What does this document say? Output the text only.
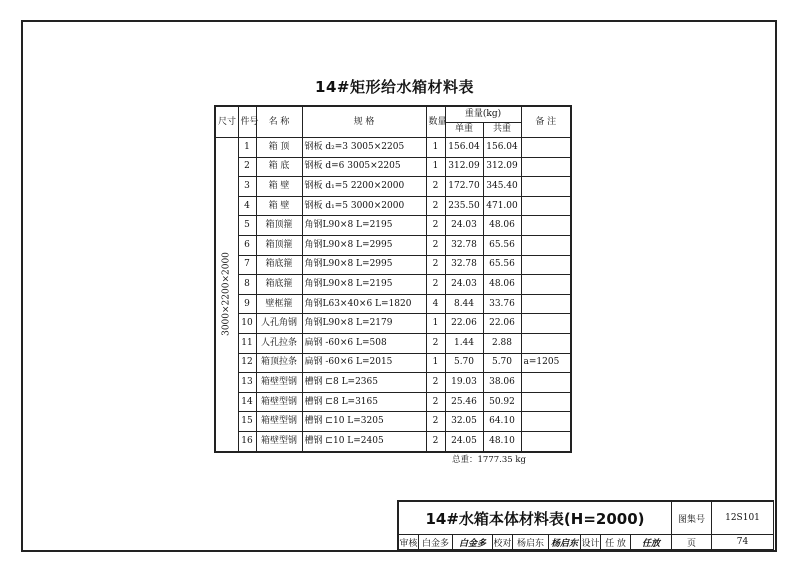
14#矩形给水箱材料表
尺寸	件号	名 称	规 格	数量	重量(kg)		备 注
					单重	共重	

3000×2200×2000	1	箱 顶	钢板 d₂=3 3005×2205	1	156.04	156.04	
	2	箱 底	钢板 d=6 3005×2205	1	312.09	312.09	
	3	箱 壁	钢板 d₁=5 2200×2000	2	172.70	345.40	
	4	箱 壁	钢板 d₁=5 3000×2000	2	235.50	471.00	
	5	箱顶箍	角钢L90×8 L=2195	2	24.03	48.06	
	6	箱顶箍	角钢L90×8 L=2995	2	32.78	65.56	
	7	箱底箍	角钢L90×8 L=2995	2	32.78	65.56	
	8	箱底箍	角钢L90×8 L=2195	2	24.03	48.06	
	9	壁框箍	角钢L63×40×6 L=1820	4	8.44	33.76	
	10	人孔角钢	角钢L90×8 L=2179	1	22.06	22.06	
	11	人孔拉条	扁钢 -60×6 L=508	2	1.44	2.88	
	12	箱顶拉条	扁钢 -60×6 L=2015	1	5.70	5.70	a=1205
	13	箱壁型钢	槽钢 ⊏8 L=2365	2	19.03	38.06	
	14	箱壁型钢	槽钢 ⊏8 L=3165	2	25.46	50.92	
	15	箱壁型钢	槽钢 ⊏10 L=3205	2	32.05	64.10	
	16	箱壁型钢	槽钢 ⊏10 L=2405	2	24.05	48.10	
总重：1777.35 kg
14#水箱本体材料表(H=2000)	图集号	12S101
审核 白金多	白金多 校对 杨启东 杨启东 设计 任 放	任放	页	74
